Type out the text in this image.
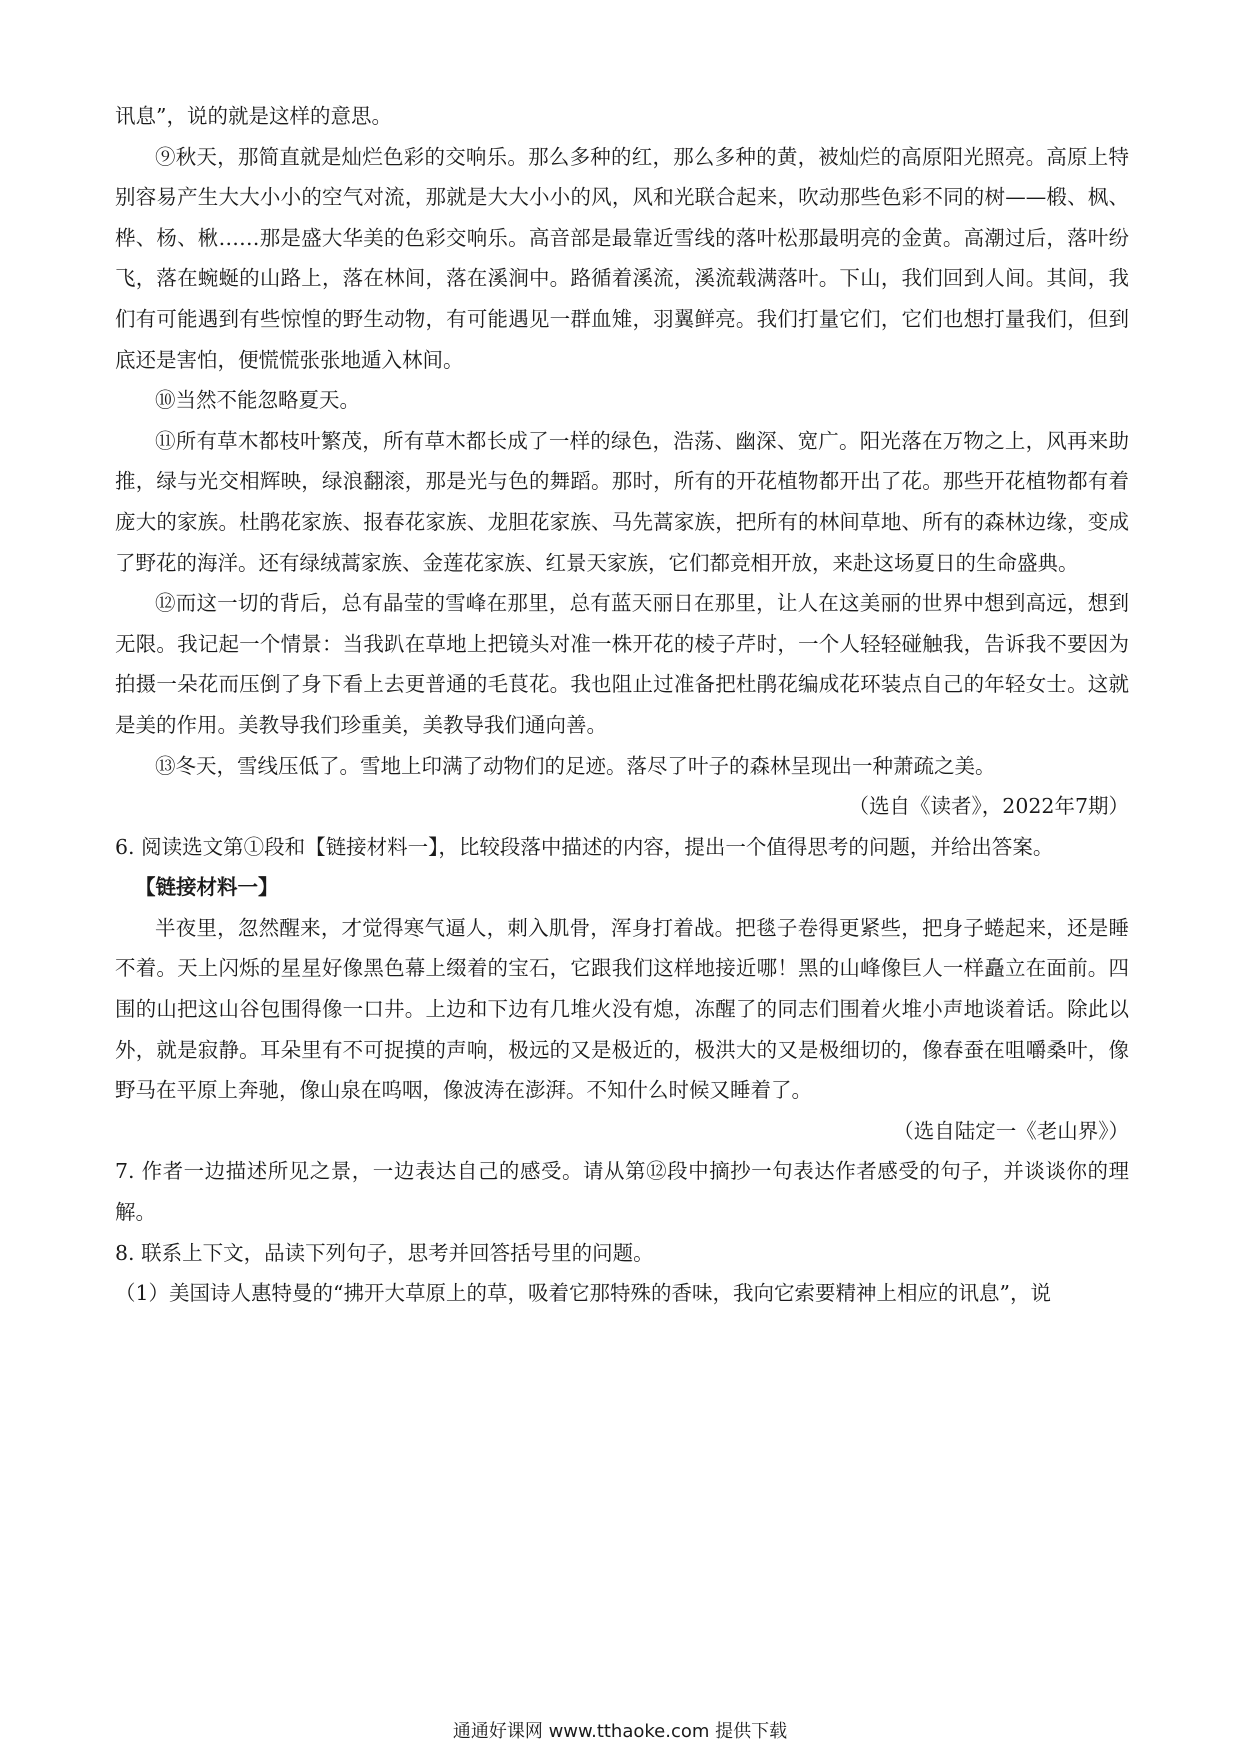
讯息”，说的就是这样的意思。

⑨秋天，那简直就是灿烂色彩的交响乐。那么多种的红，那么多种的黄，被灿烂的高原阳光照亮。高原上特别容易产生大大小小的空气对流，那就是大大小小的风，风和光联合起来，吹动那些色彩不同的树——椴、枫、桦、杨、楸……那是盛大华美的色彩交响乐。高音部是最靠近雪线的落叶松那最明亮的金黄。高潮过后，落叶纷飞，落在蜿蜒的山路上，落在林间，落在溪涧中。路循着溪流，溪流载满落叶。下山，我们回到人间。其间，我们有可能遇到有些惊惶的野生动物，有可能遇见一群血雉，羽翼鲜亮。我们打量它们，它们也想打量我们，但到底还是害怕，便慌慌张张地遁入林间。

⑩当然不能忽略夏天。

⑪所有草木都枝叶繁茂，所有草木都长成了一样的绿色，浩荡、幽深、宽广。阳光落在万物之上，风再来助推，绿与光交相辉映，绿浪翻滚，那是光与色的舞蹈。那时，所有的开花植物都开出了花。那些开花植物都有着庞大的家族。杜鹃花家族、报春花家族、龙胆花家族、马先蒿家族，把所有的林间草地、所有的森林边缘，变成了野花的海洋。还有绿绒蒿家族、金莲花家族、红景天家族，它们都竞相开放，来赴这场夏日的生命盛典。

⑫而这一切的背后，总有晶莹的雪峰在那里，总有蓝天丽日在那里，让人在这美丽的世界中想到高远，想到无限。我记起一个情景：当我趴在草地上把镜头对准一株开花的棱子芹时，一个人轻轻碰触我，告诉我不要因为拍摄一朵花而压倒了身下看上去更普通的毛茛花。我也阻止过准备把杜鹃花编成花环装点自己的年轻女士。这就是美的作用。美教导我们珍重美，美教导我们通向善。

⑬冬天，雪线压低了。雪地上印满了动物们的足迹。落尽了叶子的森林呈现出一种萧疏之美。

（选自《读者》，2022年7期）

6. 阅读选文第①段和【链接材料一】，比较段落中描述的内容，提出一个值得思考的问题，并给出答案。

【链接材料一】

半夜里，忽然醒来，才觉得寒气逼人，刺入肌骨，浑身打着战。把毯子卷得更紧些，把身子蜷起来，还是睡不着。天上闪烁的星星好像黑色幕上缀着的宝石，它跟我们这样地接近哪！黑的山峰像巨人一样矗立在面前。四围的山把这山谷包围得像一口井。上边和下边有几堆火没有熄，冻醒了的同志们围着火堆小声地谈着话。除此以外，就是寂静。耳朵里有不可捉摸的声响，极远的又是极近的，极洪大的又是极细切的，像春蚕在咀嚼桑叶，像野马在平原上奔驰，像山泉在呜咽，像波涛在澎湃。不知什么时候又睡着了。

（选自陆定一《老山界》）

7. 作者一边描述所见之景，一边表达自己的感受。请从第⑫段中摘抄一句表达作者感受的句子，并谈谈你的理解。

8. 联系上下文，品读下列句子，思考并回答括号里的问题。

（1）美国诗人惠特曼的“拂开大草原上的草，吸着它那特殊的香味，我向它索要精神上相应的讯息”，说

通通好课网 www.tthaoke.com 提供下载
